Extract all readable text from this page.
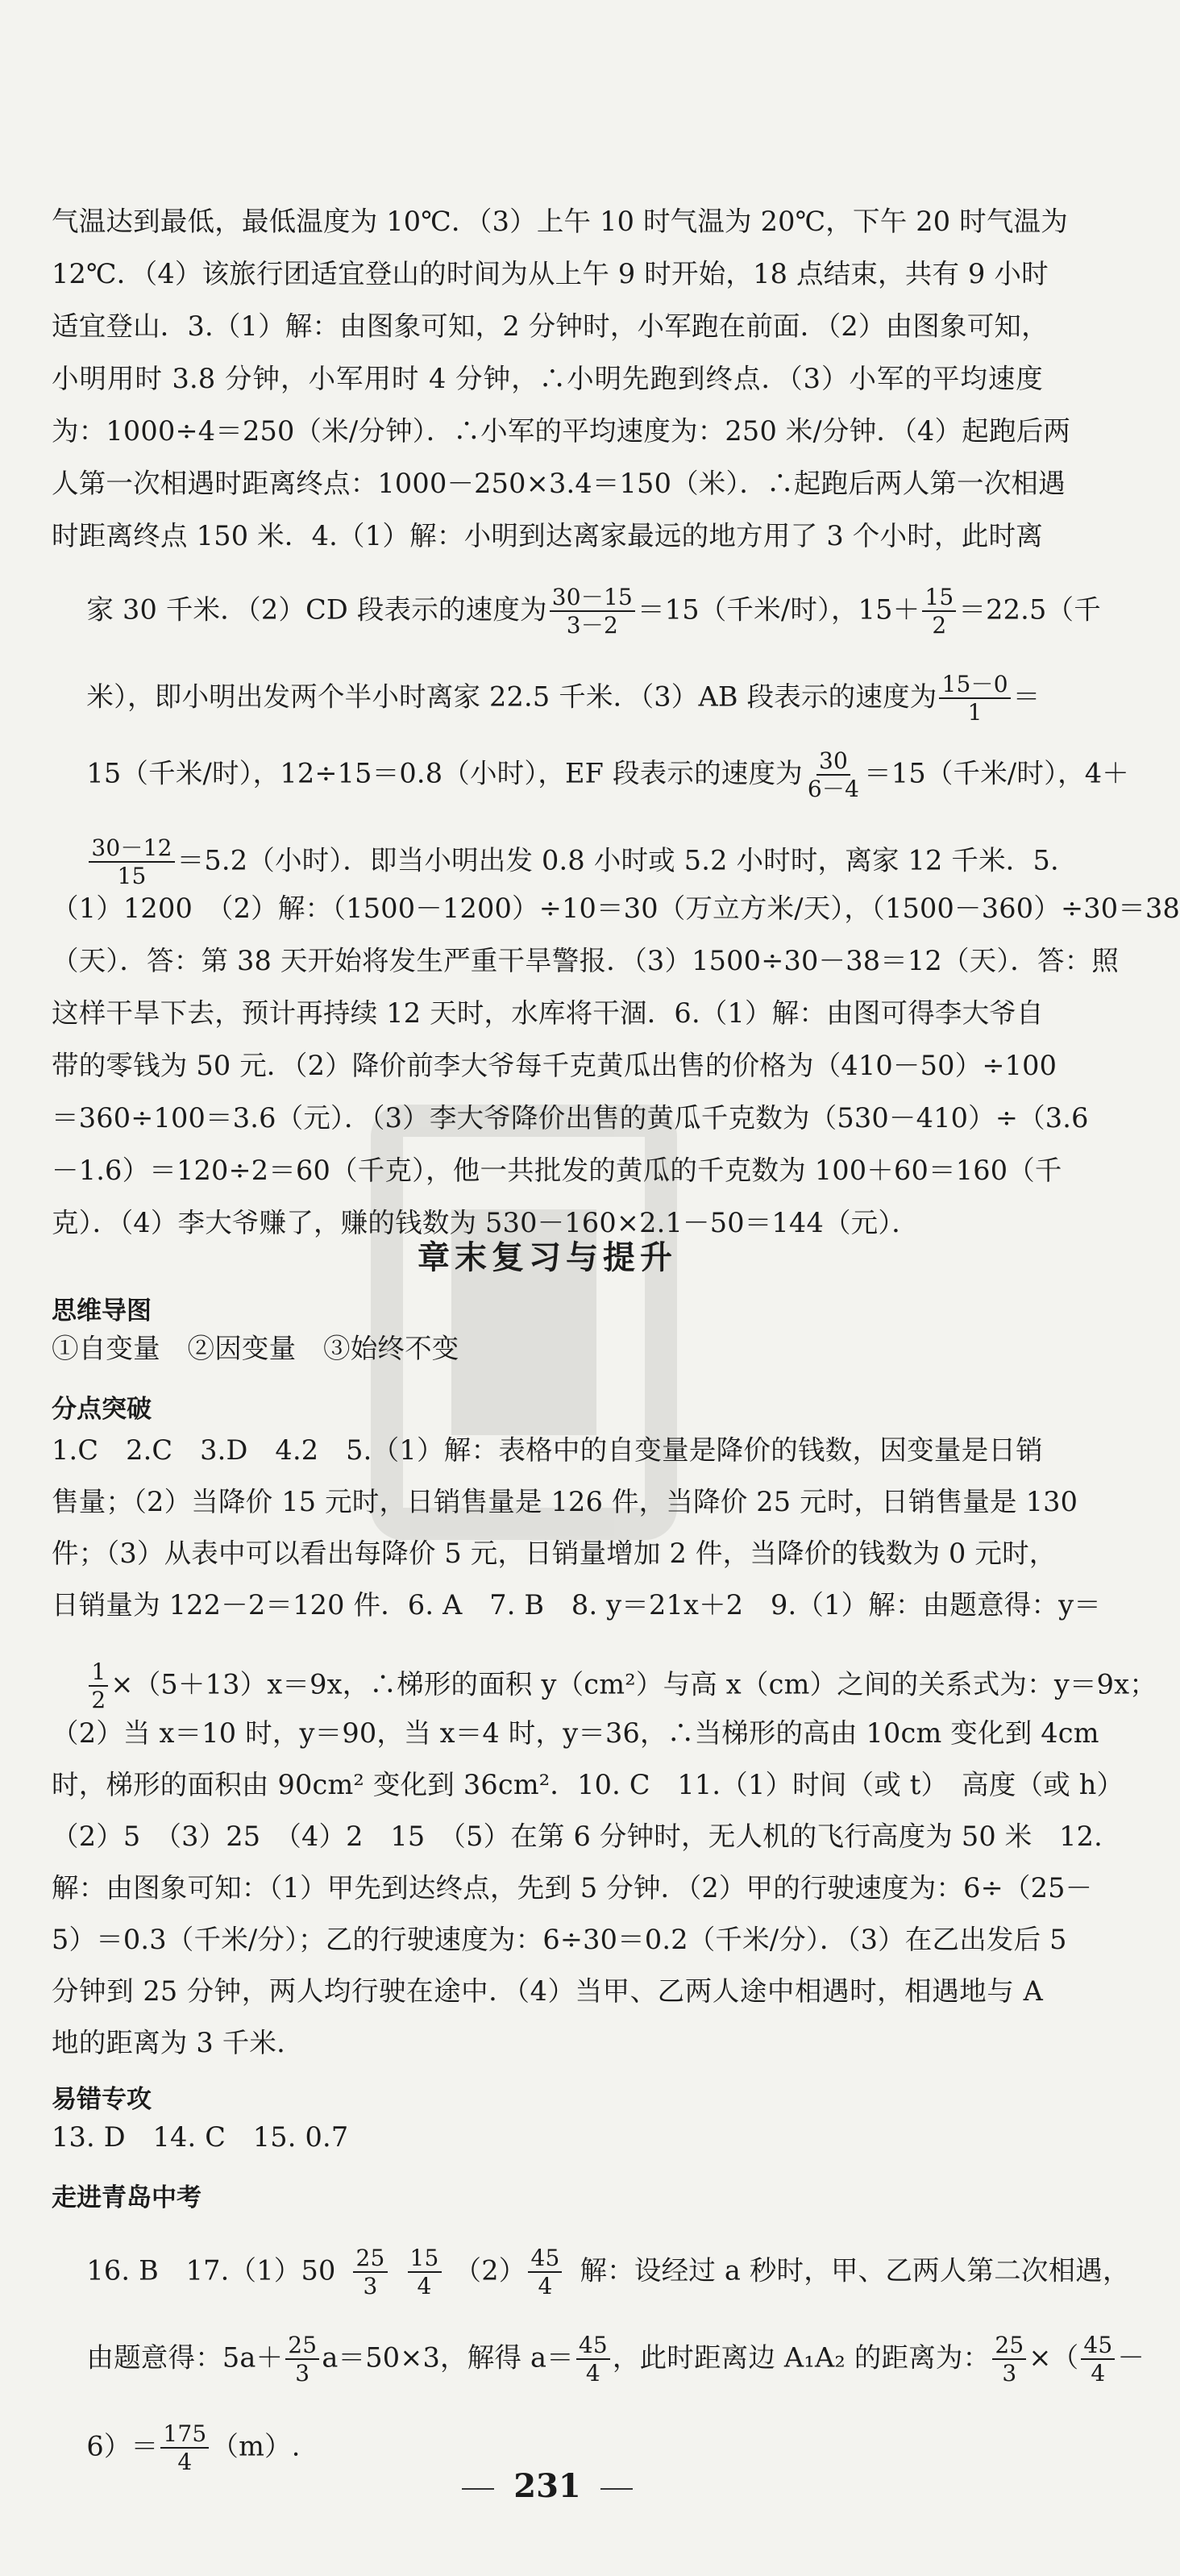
气温达到最低，最低温度为 10℃．（3）上午 10 时气温为 20℃，下午 20 时气温为
12℃．（4）该旅行团适宜登山的时间为从上午 9 时开始，18 点结束，共有 9 小时
适宜登山．3.（1）解：由图象可知，2 分钟时，小军跑在前面．（2）由图象可知，
小明用时 3.8 分钟，小军用时 4 分钟，∴小明先跑到终点．（3）小军的平均速度
为：1000÷4＝250（米/分钟）．∴小军的平均速度为：250 米/分钟．（4）起跑后两
人第一次相遇时距离终点：1000－250×3.4＝150（米）．∴起跑后两人第一次相遇
时距离终点 150 米．4.（1）解：小明到达离家最远的地方用了 3 个小时，此时离

家 30 千米．（2）CD 段表示的速度为 $\frac{30-15}{3-2} =15$（千米/时），$15+ \frac{15}{2} =22.5$（千

米），即小明出发两个半小时离家 22.5 千米．（3）AB 段表示的速度为 $\frac{15-0}{1}$ ＝

15（千米/时），12÷15＝0.8（小时），EF 段表示的速度为 $\frac{30}{6-4} =15$（千米/时），4＋

$\frac{30-12}{15} =5.2$（小时）．即当小明出发 0.8 小时或 5.2 小时时，离家 12 千米．5.

（1）1200　（2）解：（1500－1200）÷10＝30（万立方米/天），（1500－360）÷30＝38
（天）．答：第 38 天开始将发生严重干旱警报．（3）1500÷30－38＝12（天）．答：照
这样干旱下去，预计再持续 12 天时，水库将干涸．6.（1）解：由图可得李大爷自
带的零钱为 50 元．（2）降价前李大爷每千克黄瓜出售的价格为（410－50）÷100
＝360÷100＝3.6（元）．（3）李大爷降价出售的黄瓜千克数为（530－410）÷（3.6
－1.6）＝120÷2＝60（千克），他一共批发的黄瓜的千克数为 100＋60＝160（千
克）．（4）李大爷赚了，赚的钱数为 530－160×2.1－50＝144（元）．
章末复习与提升
思维导图
①自变量　②因变量　③始终不变
分点突破
1.C　2.C　3.D　4.2　5.（1）解：表格中的自变量是降价的钱数，因变量是日销
售量；（2）当降价 15 元时，日销售量是 126 件，当降价 25 元时，日销售量是 130
件；（3）从表中可以看出每降价 5 元，日销量增加 2 件，当降价的钱数为 0 元时，
日销量为 122－2＝120 件．6. A　7. B　8. y＝21x＋2　9.（1）解：由题意得：y＝

$\frac{1}{2} \times(5+13)x=9x$，∴梯形的面积 y（cm²）与高 x（cm）之间的关系式为：y＝9x；

（2）当 x＝10 时，y＝90，当 x＝4 时，y＝36，∴当梯形的高由 10cm 变化到 4cm
时，梯形的面积由 90cm² 变化到 36cm²．10. C　11.（1）时间（或 t）　高度（或 h）
（2）5　（3）25　（4）2　15　（5）在第 6 分钟时，无人机的飞行高度为 50 米　12.
解：由图象可知：（1）甲先到达终点，先到 5 分钟．（2）甲的行驶速度为：6÷（25－
5）＝0.3（千米/分）；乙的行驶速度为：6÷30＝0.2（千米/分）．（3）在乙出发后 5
分钟到 25 分钟，两人均行驶在途中．（4）当甲、乙两人途中相遇时，相遇地与 A
地的距离为 3 千米.
易错专攻
13. D　14. C　15. 0.7
走进青岛中考

16. B　$17.(1)50 \frac{25}{3} \frac{15}{4} (2) \frac{45}{4}$ 解：设经过 a 秒时，甲、乙两人第二次相遇，

由题意得：$5a+ \frac{25}{3} a=50\times 3$，解得 $a= \frac{45}{4}$ ，此时距离边 A₁A₂ 的距离为： $\frac{25}{3}$ ×（ $\frac{45}{4}$ －

$6)= \frac{175}{4} (m)$.

231
